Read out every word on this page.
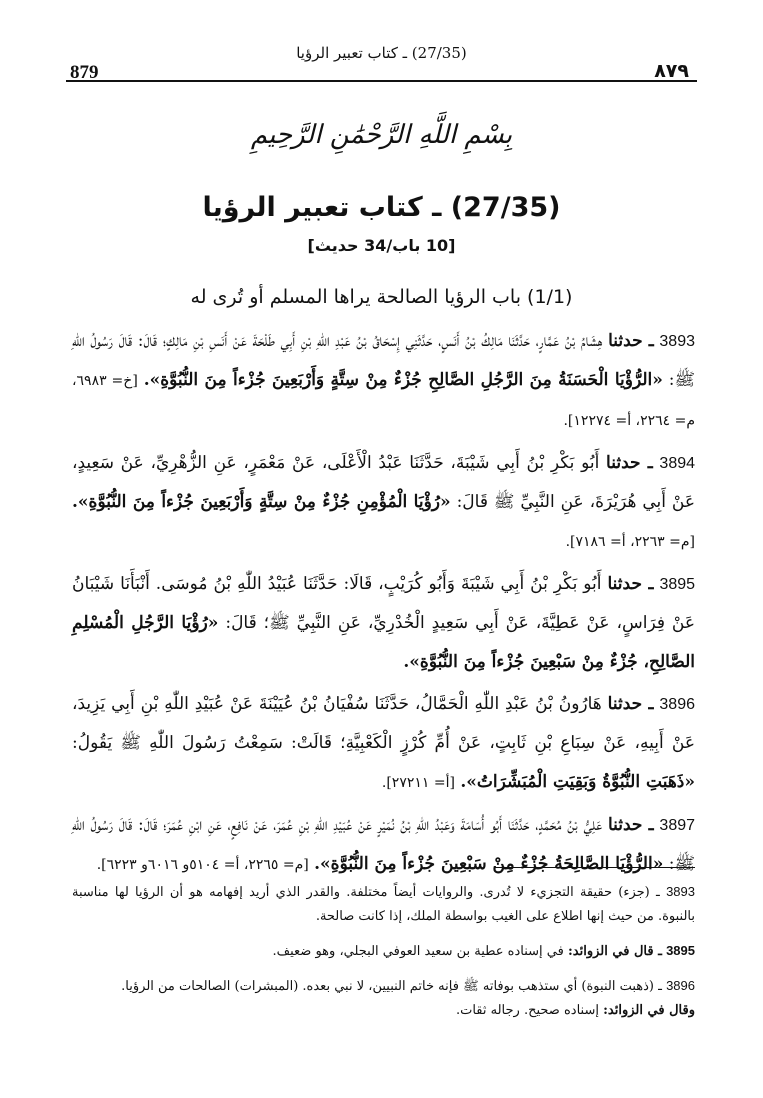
879
(27/35) ـ كتاب تعبير الرؤيا
٨٧٩
بِسْمِ اللَّهِ الرَّحْمَٰنِ الرَّحِيمِ
(27/35) ـ كتاب تعبير الرؤيا
[10 باب/34 حديث]
(1/1) باب الرؤيا الصالحة يراها المسلم أو تُرى له

3893 ـ حدثنا هِشَامُ بْنُ عَمَّارٍ، حَدَّثَنَا مَالِكُ بْنُ أَنَسٍ، حَدَّثَنِي إِسْحَاقُ بْنُ عَبْدِ اللّٰهِ بْنِ أَبِي طَلْحَةَ عَنْ أَنَسِ بْنِ مَالِكٍ؛ قَالَ: قَالَ رَسُولُ اللّٰهِ ﷺ: «الرُّؤْيَا الْحَسَنَةُ مِنَ الرَّجُلِ الصَّالِحِ جُزْءٌ مِنْ سِتَّةٍ وَأَرْبَعِينَ جُزْءاً مِنَ النُّبُوَّةِ». [خ= ٦٩٨٣، م= ٢٢٦٤، أ= ١٢٢٧٤].

3894 ـ حدثنا أَبُو بَكْرِ بْنُ أَبِي شَيْبَةَ، حَدَّثَنَا عَبْدُ الْأَعْلَى، عَنْ مَعْمَرٍ، عَنِ الزُّهْرِيِّ، عَنْ سَعِيدٍ، عَنْ أَبِي هُرَيْرَةَ، عَنِ النَّبِيِّ ﷺ قَالَ: «رُؤْيَا الْمُؤْمِنِ جُزْءٌ مِنْ سِتَّةٍ وَأَرْبَعِينَ جُزْءاً مِنَ النُّبُوَّةِ». [م= ٢٢٦٣، أ= ٧١٨٦].

3895 ـ حدثنا أَبُو بَكْرِ بْنُ أَبِي شَيْبَةَ وَأَبُو كُرَيْبٍ، قَالَا: حَدَّثَنَا عُبَيْدُ اللّٰهِ بْنُ مُوسَى. أَنْبَأَنَا شَيْبَانُ عَنْ فِرَاسٍ، عَنْ عَطِيَّةَ، عَنْ أَبِي سَعِيدٍ الْخُدْرِيِّ، عَنِ النَّبِيِّ ﷺ؛ قَالَ: «رُؤْيَا الرَّجُلِ الْمُسْلِمِ الصَّالِحِ، جُزْءٌ مِنْ سَبْعِينَ جُزْءاً مِنَ النُّبُوَّةِ».

3896 ـ حدثنا هَارُونُ بْنُ عَبْدِ اللّٰهِ الْحَمَّالُ، حَدَّثَنَا سُفْيَانُ بْنُ عُيَيْنَةَ عَنْ عُبَيْدِ اللّٰهِ بْنِ أَبِي يَزِيدَ، عَنْ أَبِيهِ، عَنْ سِبَاعِ بْنِ ثَابِتٍ، عَنْ أُمِّ كُرْزٍ الْكَعْبِيَّةِ؛ قَالَتْ: سَمِعْتُ رَسُولَ اللّٰهِ ﷺ يَقُولُ: «ذَهَبَتِ النُّبُوَّةُ وَبَقِيَتِ الْمُبَشِّرَاتُ». [أ= ٢٧٢١١].

3897 ـ حدثنا عَلِيُّ بْنُ مُحَمَّدٍ، حَدَّثَنَا أَبُو أُسَامَةَ وَعَبْدُ اللّٰهِ بْنُ نُمَيْرٍ عَنْ عُبَيْدِ اللّٰهِ بْنِ عُمَرَ، عَنْ نَافِعٍ، عَنِ ابْنِ عُمَرَ؛ قَالَ: قَالَ رَسُولُ اللّٰهِ ﷺ: «الرُّؤْيَا الصَّالِحَةُ جُزْءٌ مِنْ سَبْعِينَ جُزْءاً مِنَ النُّبُوَّةِ». [م= ٢٢٦٥، أ= ٥١٠٤و ٦٠١٦و ٦٢٢٣].

3893 ـ (جزء) حقيقة التجزيء لا تُدرى. والروايات أيضاً مختلفة. والقدر الذي أريد إفهامه هو أن الرؤيا لها مناسبة بالنبوة. من حيث إنها اطلاع على الغيب بواسطة الملك، إذا كانت صالحة.

3895 ـ قال في الزوائد: في إسناده عطية بن سعيد العوفي البجلي، وهو ضعيف.

3896 ـ (ذهبت النبوة) أي ستذهب بوفاته ﷺ فإنه خاتم النبيين، لا نبي بعده. (المبشرات) الصالحات من الرؤيا.

وقال في الزوائد: إسناده صحيح. رجاله ثقات.
